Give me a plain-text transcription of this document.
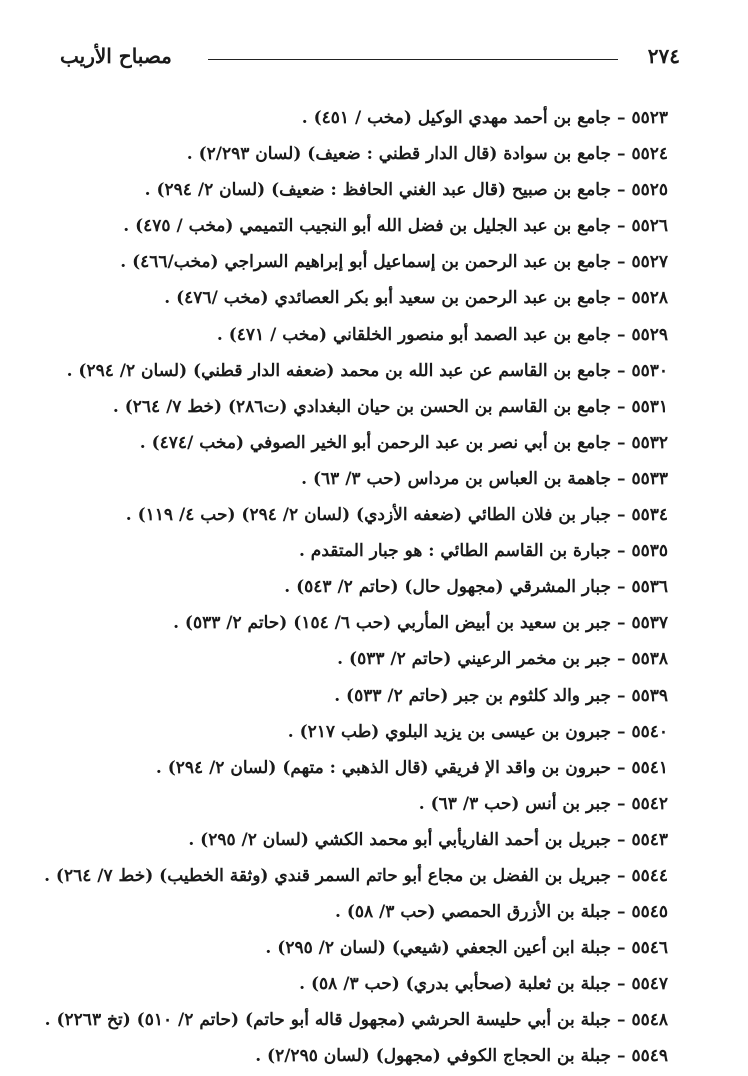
٢٧٤
مصباح الأريب
٥٥٢٣–جامع بن أحمد مهدي الوكيل (مخب / ٤٥١) .
٥٥٢٤–جامع بن سوادة (قال الدار قطني : ضعيف) (لسان ٢/٢٩٣) .
٥٥٢٥–جامع بن صبيح (قال عبد الغني الحافظ : ضعيف) (لسان ٢/ ٢٩٤) .
٥٥٢٦–جامع بن عبد الجليل بن فضل الله أبو النجيب التميمي (مخب / ٤٧٥) .
٥٥٢٧–جامع بن عبد الرحمن بن إسماعيل أبو إبراهيم السراجي (مخب/٤٦٦) .
٥٥٢٨–جامع بن عبد الرحمن بن سعيد أبو بكر العصائدي (مخب /٤٧٦) .
٥٥٢٩–جامع بن عبد الصمد أبو منصور الخلقاني (مخب / ٤٧١) .
٥٥٣٠–جامع بن القاسم عن عبد الله بن محمد (ضعفه الدار قطني) (لسان ٢/ ٢٩٤) .
٥٥٣١–جامع بن القاسم بن الحسن بن حيان البغدادي (ت٢٨٦) (خط ٧/ ٢٦٤) .
٥٥٣٢–جامع بن أبي نصر بن عبد الرحمن أبو الخير الصوفي (مخب /٤٧٤) .
٥٥٣٣–جاهمة بن العباس بن مرداس (حب ٣/ ٦٣) .
٥٥٣٤–جبار بن فلان الطائي (ضعفه الأزدي) (لسان ٢/ ٢٩٤) (حب ٤/ ١١٩) .
٥٥٣٥–جبارة بن القاسم الطائي : هو جبار المتقدم .
٥٥٣٦–جبار المشرقي (مجهول حال) (حاتم ٢/ ٥٤٣) .
٥٥٣٧–جبر بن سعيد بن أبيض المأربي (حب ٦/ ١٥٤) (حاتم ٢/ ٥٣٣) .
٥٥٣٨–جبر بن مخمر الرعيني (حاتم ٢/ ٥٣٣) .
٥٥٣٩–جبر والد كلثوم بن جبر (حاتم ٢/ ٥٣٣) .
٥٥٤٠–جبرون بن عيسى بن يزيد البلوي (طب ٢١٧) .
٥٥٤١–حبرون بن واقد الإ فريقي (قال الذهبي : متهم) (لسان ٢/ ٢٩٤) .
٥٥٤٢–جبر بن أنس (حب ٣/ ٦٣) .
٥٥٤٣–جبريل بن أحمد الفاريأبي أبو محمد الكشي (لسان ٢/ ٢٩٥) .
٥٥٤٤–جبريل بن الفضل بن مجاع أبو حاتم السمر قندي (وثقة الخطيب) (خط ٧/ ٢٦٤) .
٥٥٤٥–جبلة بن الأزرق الحمصي (حب ٣/ ٥٨) .
٥٥٤٦–جبلة ابن أعين الجعفي (شيعي) (لسان ٢/ ٢٩٥) .
٥٥٤٧–جبلة بن ثعلبة (صحأبي بدري) (حب ٣/ ٥٨) .
٥٥٤٨–جبلة بن أبي حليسة الحرشي (مجهول قاله أبو حاتم) (حاتم ٢/ ٥١٠) (تخ ٢٢٦٣) .
٥٥٤٩–جبلة بن الحجاج الكوفي (مجهول) (لسان ٢/٢٩٥) .
